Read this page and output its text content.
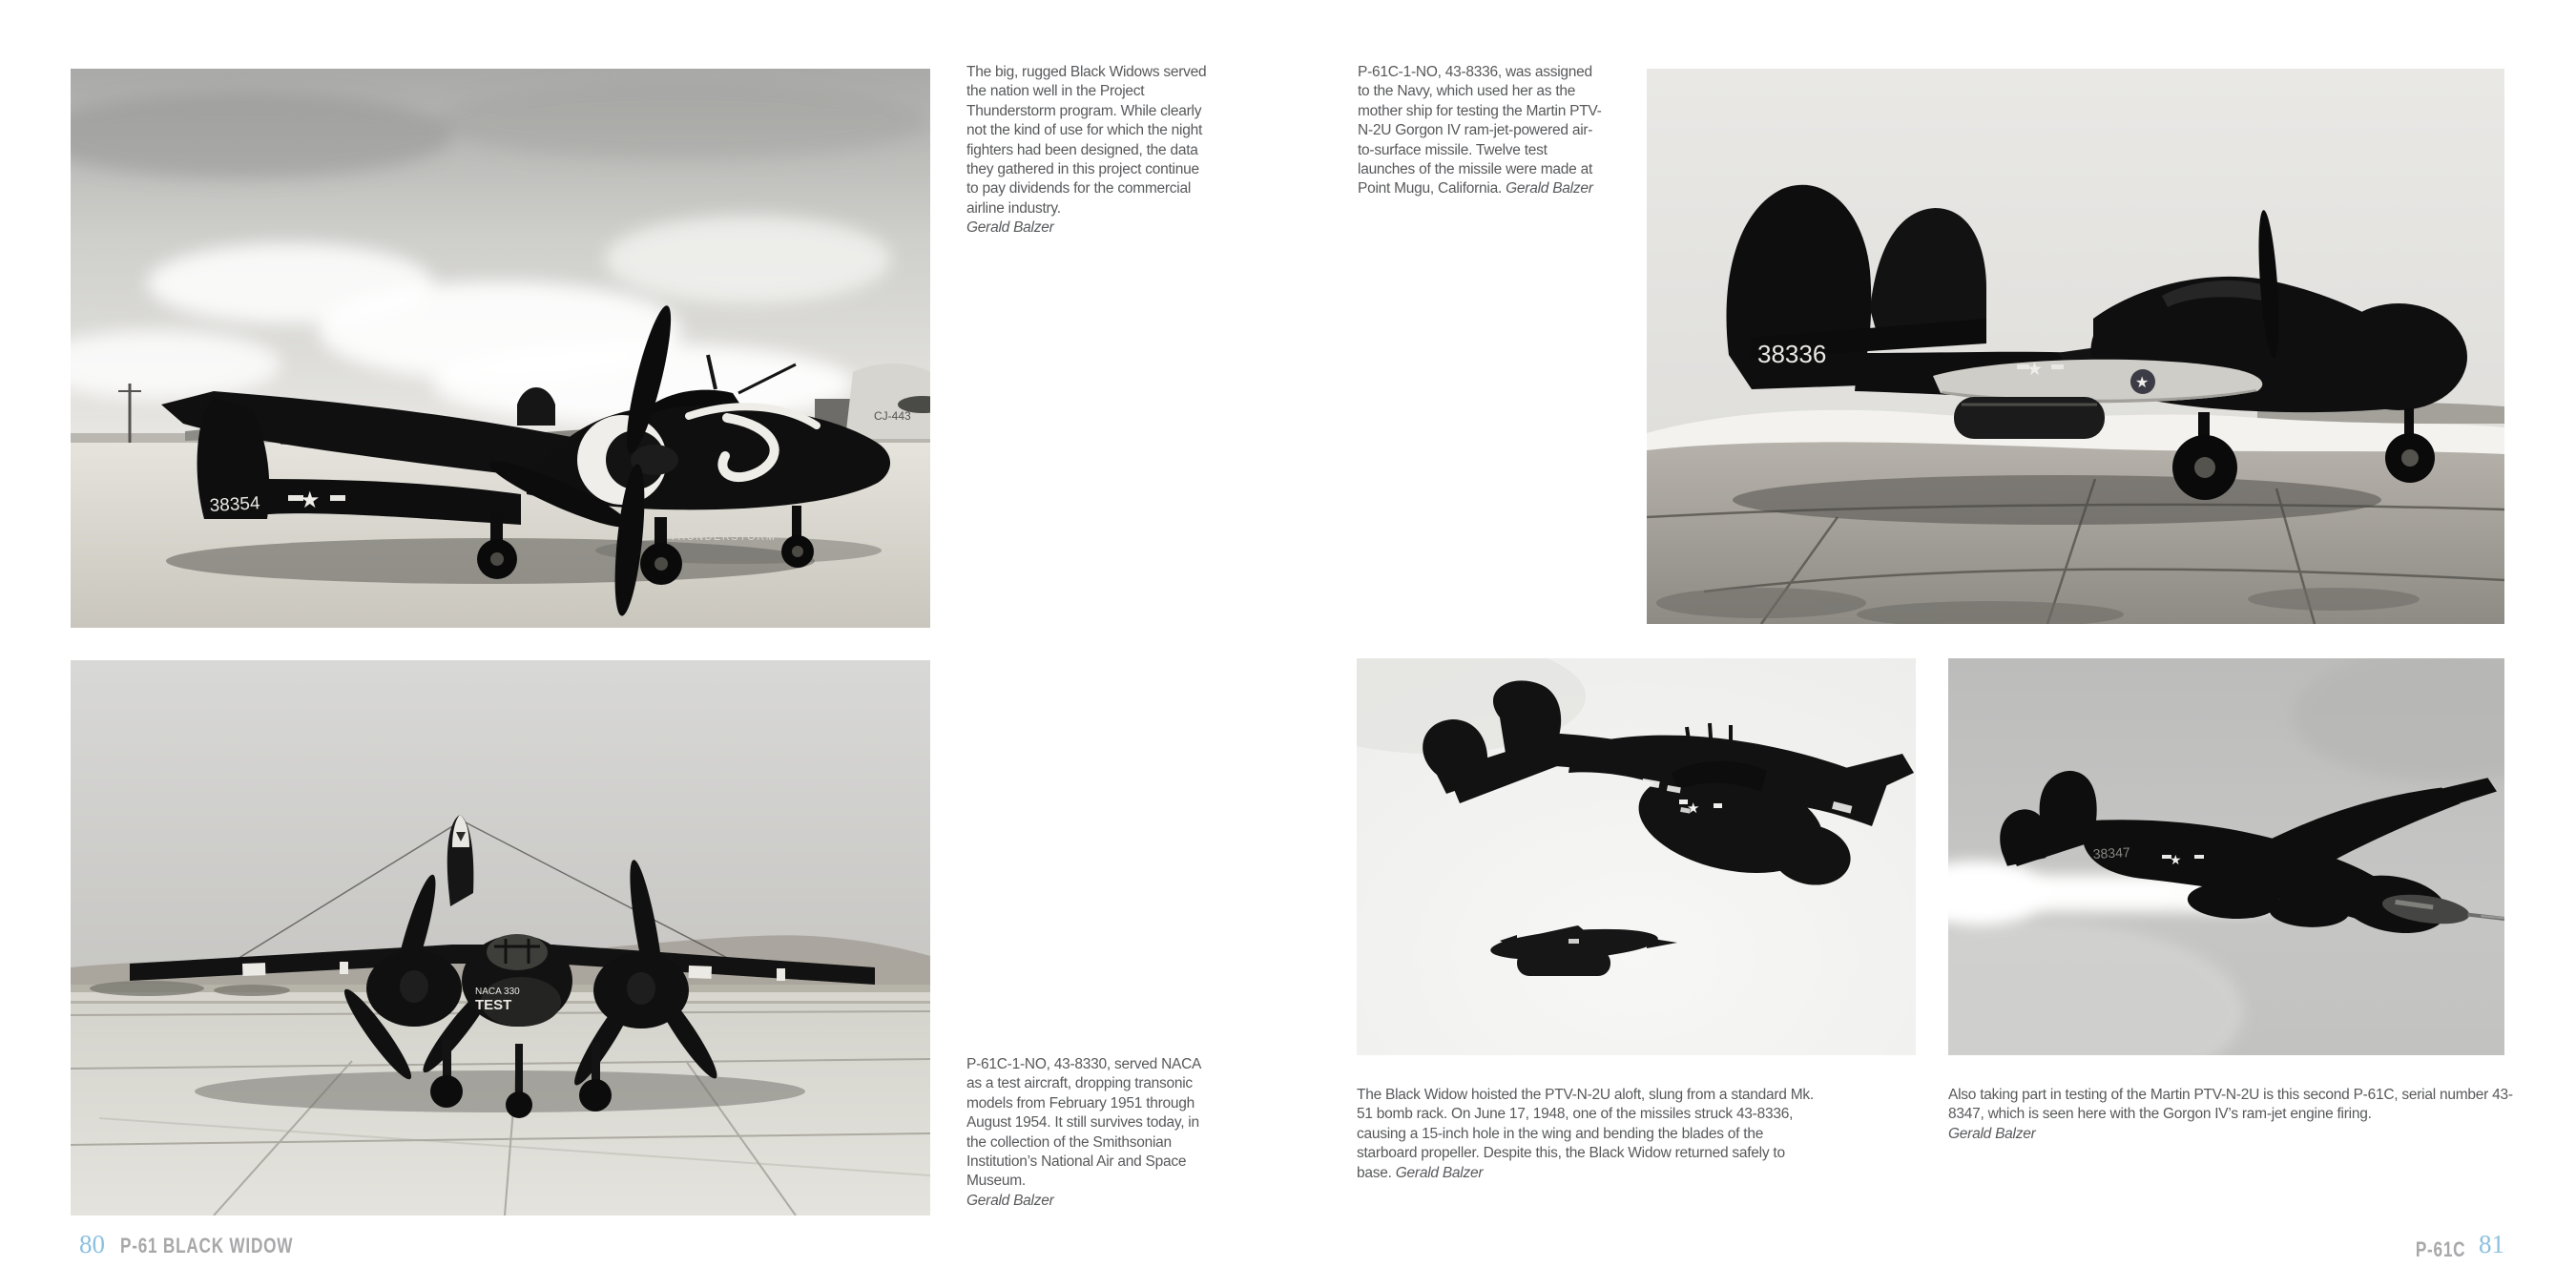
CJ-443
38354 ★
THUNDERSTORM
The big, rugged Black Widows served the nation well in the Project Thunderstorm program. While clearly not the kind of use for which the night fighters had been designed, the data they gathered in this project continue to pay dividends for the commercial airline industry.
Gerald Balzer
P-61C-1-NO, 43-8336, was assigned to the Navy, which used her as the mother ship for testing the Martin PTV-N-2U Gorgon IV ram-jet-powered air-to-surface missile. Twelve test launches of the missile were made at Point Mugu, California. Gerald Balzer
★
38336
★
NACA 330
TEST
P-61C-1-NO, 43-8330, served NACA as a test aircraft, dropping transonic models from February 1951 through August 1954. It still survives today, in the collection of the Smithsonian Institution’s National Air and Space Museum.
Gerald Balzer
★
38347	★
The Black Widow hoisted the PTV-N-2U aloft, slung from a standard Mk. 51 bomb rack. On June 17, 1948, one of the missiles struck 43-8336, causing a 15-inch hole in the wing and bending the blades of the starboard propeller. Despite this, the Black Widow returned safely to base. Gerald Balzer
Also taking part in testing of the Martin PTV-N-2U is this second P-61C, serial number 43-8347, which is seen here with the Gorgon IV’s ram-jet engine firing.
Gerald Balzer
80 P-61 BLACK WIDOW	P-61C 81
